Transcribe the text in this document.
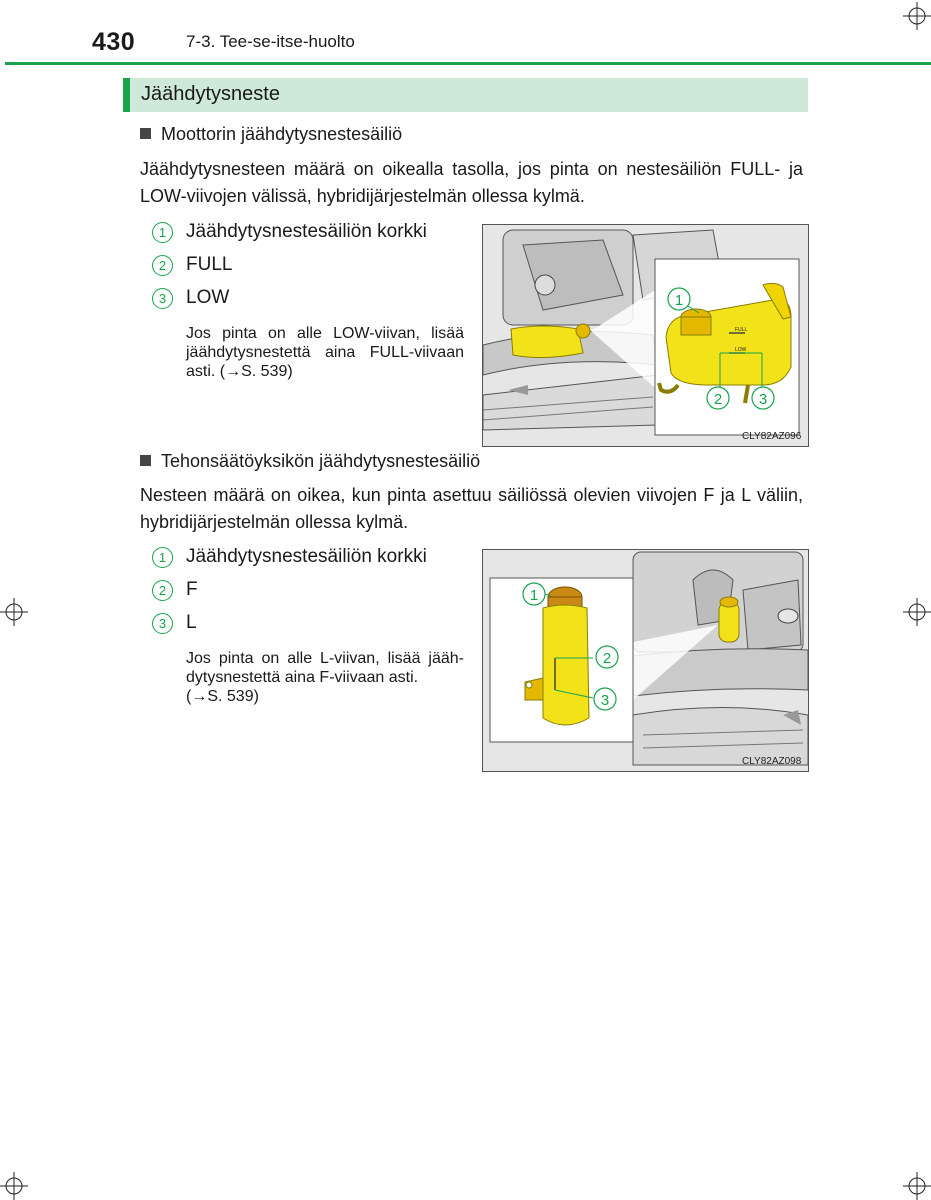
430	7-3. Tee-se-itse-huolto
Jäähdytysneste
Moottorin jäähdytysnestesäiliö
Jäähdytysnesteen määrä on oikealla tasolla, jos pinta on nestesäiliön FULL- ja
LOW-viivojen välissä, hybridijärjestelmän ollessa kylmä.
1	Jäähdytysnestesäiliön korkki
2	FULL
3	LOW
Jos pinta on alle LOW-viivan, lisää
jäähdytysnestettä aina FULL-viivaan
asti. (→S. 539)
FULL
LOW
1
2 3
CLY82AZ096
Tehonsäätöyksikön jäähdytysnestesäiliö
Nesteen määrä on oikea, kun pinta asettuu säiliössä olevien viivojen F ja L väliin,
hybridijärjestelmän ollessa kylmä.
1	Jäähdytysnestesäiliön korkki
2	F
3	L
Jos pinta on alle L-viivan, lisää jääh-
dytysnestettä aina F-viivaan asti.
(→S. 539)
1
2
3
CLY82AZ098
